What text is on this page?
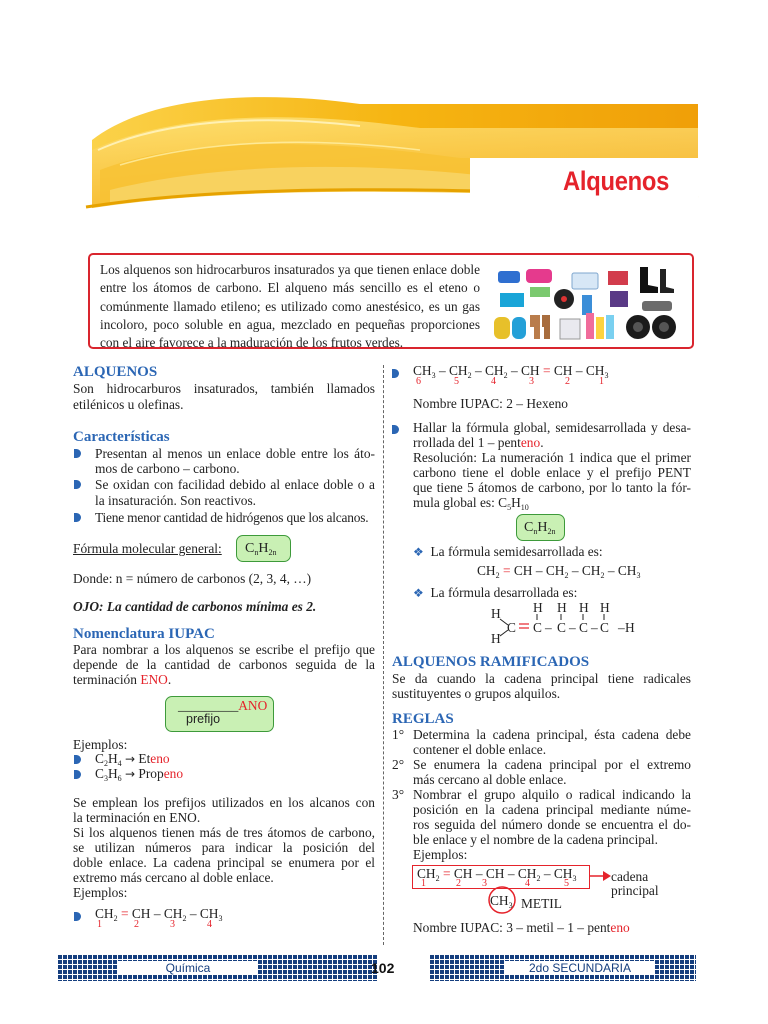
Alquenos
Los alquenos son hidrocarburos insaturados ya que tienen enlace doble entre los átomos de carbono. El alqueno más sencillo es el eteno o comúnmente llamado etileno; es utilizado como anestésico, es un gas incoloro, poco soluble en agua, mezclado en pequeñas proporciones con el aire favorece a la maduración de los frutos verdes.
ALQUENOS
Son hidrocarburos insaturados, también llamados
etilénicos u olefinas.
Características
Presentan al menos un enlace doble entre los áto-
mos de carbono – carbono.
Se oxidan con facilidad debido al enlace doble o a
la insaturación. Son reactivos.
Tiene menor cantidad de hidrógenos que los alcanos.
Fórmula molecular general: $C_nH_{2n}$
Donde: n = número de carbonos (2, 3, 4, …)
OJO: La cantidad de carbonos mínima es 2.
Nomenclatura IUPAC
Para nombrar a los alquenos se escribe el prefijo que
depende de la cantidad de carbonos seguida de la
terminación ENO.
_________ANO
prefijo
Ejemplos:
$C_2H_4$ → Eteno
$C_3H_6$ → Propeno
Se emplean los prefijos utilizados en los alcanos con
la terminación en ENO.
Si los alquenos tienen más de tres átomos de carbono,
se utilizan números para indicar la posición del
doble enlace. La cadena principal se enumera por el
extremo más cercano al doble enlace.
Ejemplos:
$CH_2$ = CH – $CH_2 - CH_3$
1	2	3	4
$CH_3 - CH_2 - CH_2$ – CH = CH – $CH_3$
6	5	4	3	2	1
Nombre IUPAC: 2 – Hexeno
Hallar la fórmula global, semidesarrollada y desa-
rrollada del 1 – penteno.
Resolución: La numeración 1 indica que el primer
carbono tiene el doble enlace y el prefijo PENT
que tiene 5 átomos de carbono, por lo tanto la fór-
mula global es: $C_5H_{10}$
$C_nH_{2n}$
❖ La fórmula semidesarrollada es:
$CH_2$ = CH – $CH_2 - CH_2 - CH_3$
❖ La fórmula desarrollada es:
H
H
H H H H
C C C C C – H
– – –
ALQUENOS RAMIFICADOS
Se da cuando la cadena principal tiene radicales
sustituyentes o grupos alquilos.
REGLAS
1° Determina la cadena principal, ésta cadena debe
contener el doble enlace.
2° Se enumera la cadena principal por el extremo
más cercano al doble enlace.
3° Nombrar el grupo alquilo o radical indicando la
posición en la cadena principal mediante núme-
ros seguida del número donde se encuentra el do-
ble enlace y el nombre de la cadena principal.
Ejemplos:
$CH_2$ = CH – CH – $CH_2 - CH_3$
1	2 3	4	5
$CH_3$ METIL
cadena
principal
Nombre IUPAC: 3 – metil – 1 – penteno
Química	2do SECUNDARIA
102
